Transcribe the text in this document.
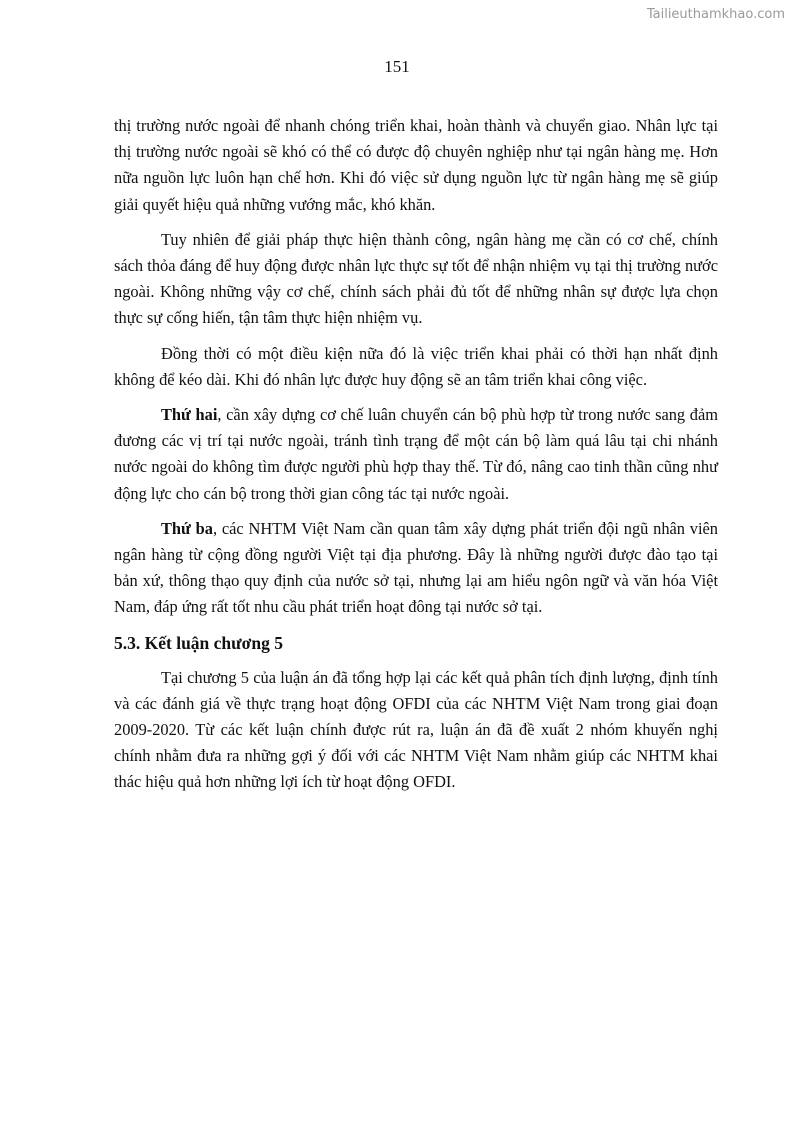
Tailieuthamkhao.com
151

thị trường nước ngoài để nhanh chóng triển khai, hoàn thành và chuyển giao. Nhân lực tại thị trường nước ngoài sẽ khó có thể có được độ chuyên nghiệp như tại ngân hàng mẹ. Hơn nữa nguồn lực luôn hạn chế hơn. Khi đó việc sử dụng nguồn lực từ ngân hàng mẹ sẽ giúp giải quyết hiệu quả những vướng mắc, khó khăn.

Tuy nhiên để giải pháp thực hiện thành công, ngân hàng mẹ cần có cơ chế, chính sách thỏa đáng để huy động được nhân lực thực sự tốt để nhận nhiệm vụ tại thị trường nước ngoài. Không những vậy cơ chế, chính sách phải đủ tốt để những nhân sự được lựa chọn thực sự cống hiến, tận tâm thực hiện nhiệm vụ.

Đồng thời có một điều kiện nữa đó là việc triển khai phải có thời hạn nhất định không để kéo dài. Khi đó nhân lực được huy động sẽ an tâm triển khai công việc.

Thứ hai, cần xây dựng cơ chế luân chuyển cán bộ phù hợp từ trong nước sang đảm đương các vị trí tại nước ngoài, tránh tình trạng để một cán bộ làm quá lâu tại chi nhánh nước ngoài do không tìm được người phù hợp thay thế. Từ đó, nâng cao tinh thần cũng như động lực cho cán bộ trong thời gian công tác tại nước ngoài.

Thứ ba, các NHTM Việt Nam cần quan tâm xây dựng phát triển đội ngũ nhân viên ngân hàng từ cộng đồng người Việt tại địa phương. Đây là những người được đào tạo tại bản xứ, thông thạo quy định của nước sở tại, nhưng lại am hiểu ngôn ngữ và văn hóa Việt Nam, đáp ứng rất tốt nhu cầu phát triển hoạt đông tại nước sở tại.

5.3. Kết luận chương 5

Tại chương 5 của luận án đã tổng hợp lại các kết quả phân tích định lượng, định tính và các đánh giá về thực trạng hoạt động OFDI của các NHTM Việt Nam trong giai đoạn 2009-2020. Từ các kết luận chính được rút ra, luận án đã đề xuất 2 nhóm khuyến nghị chính nhằm đưa ra những gợi ý đối với các NHTM Việt Nam nhằm giúp các NHTM khai thác hiệu quả hơn những lợi ích từ hoạt động OFDI.
